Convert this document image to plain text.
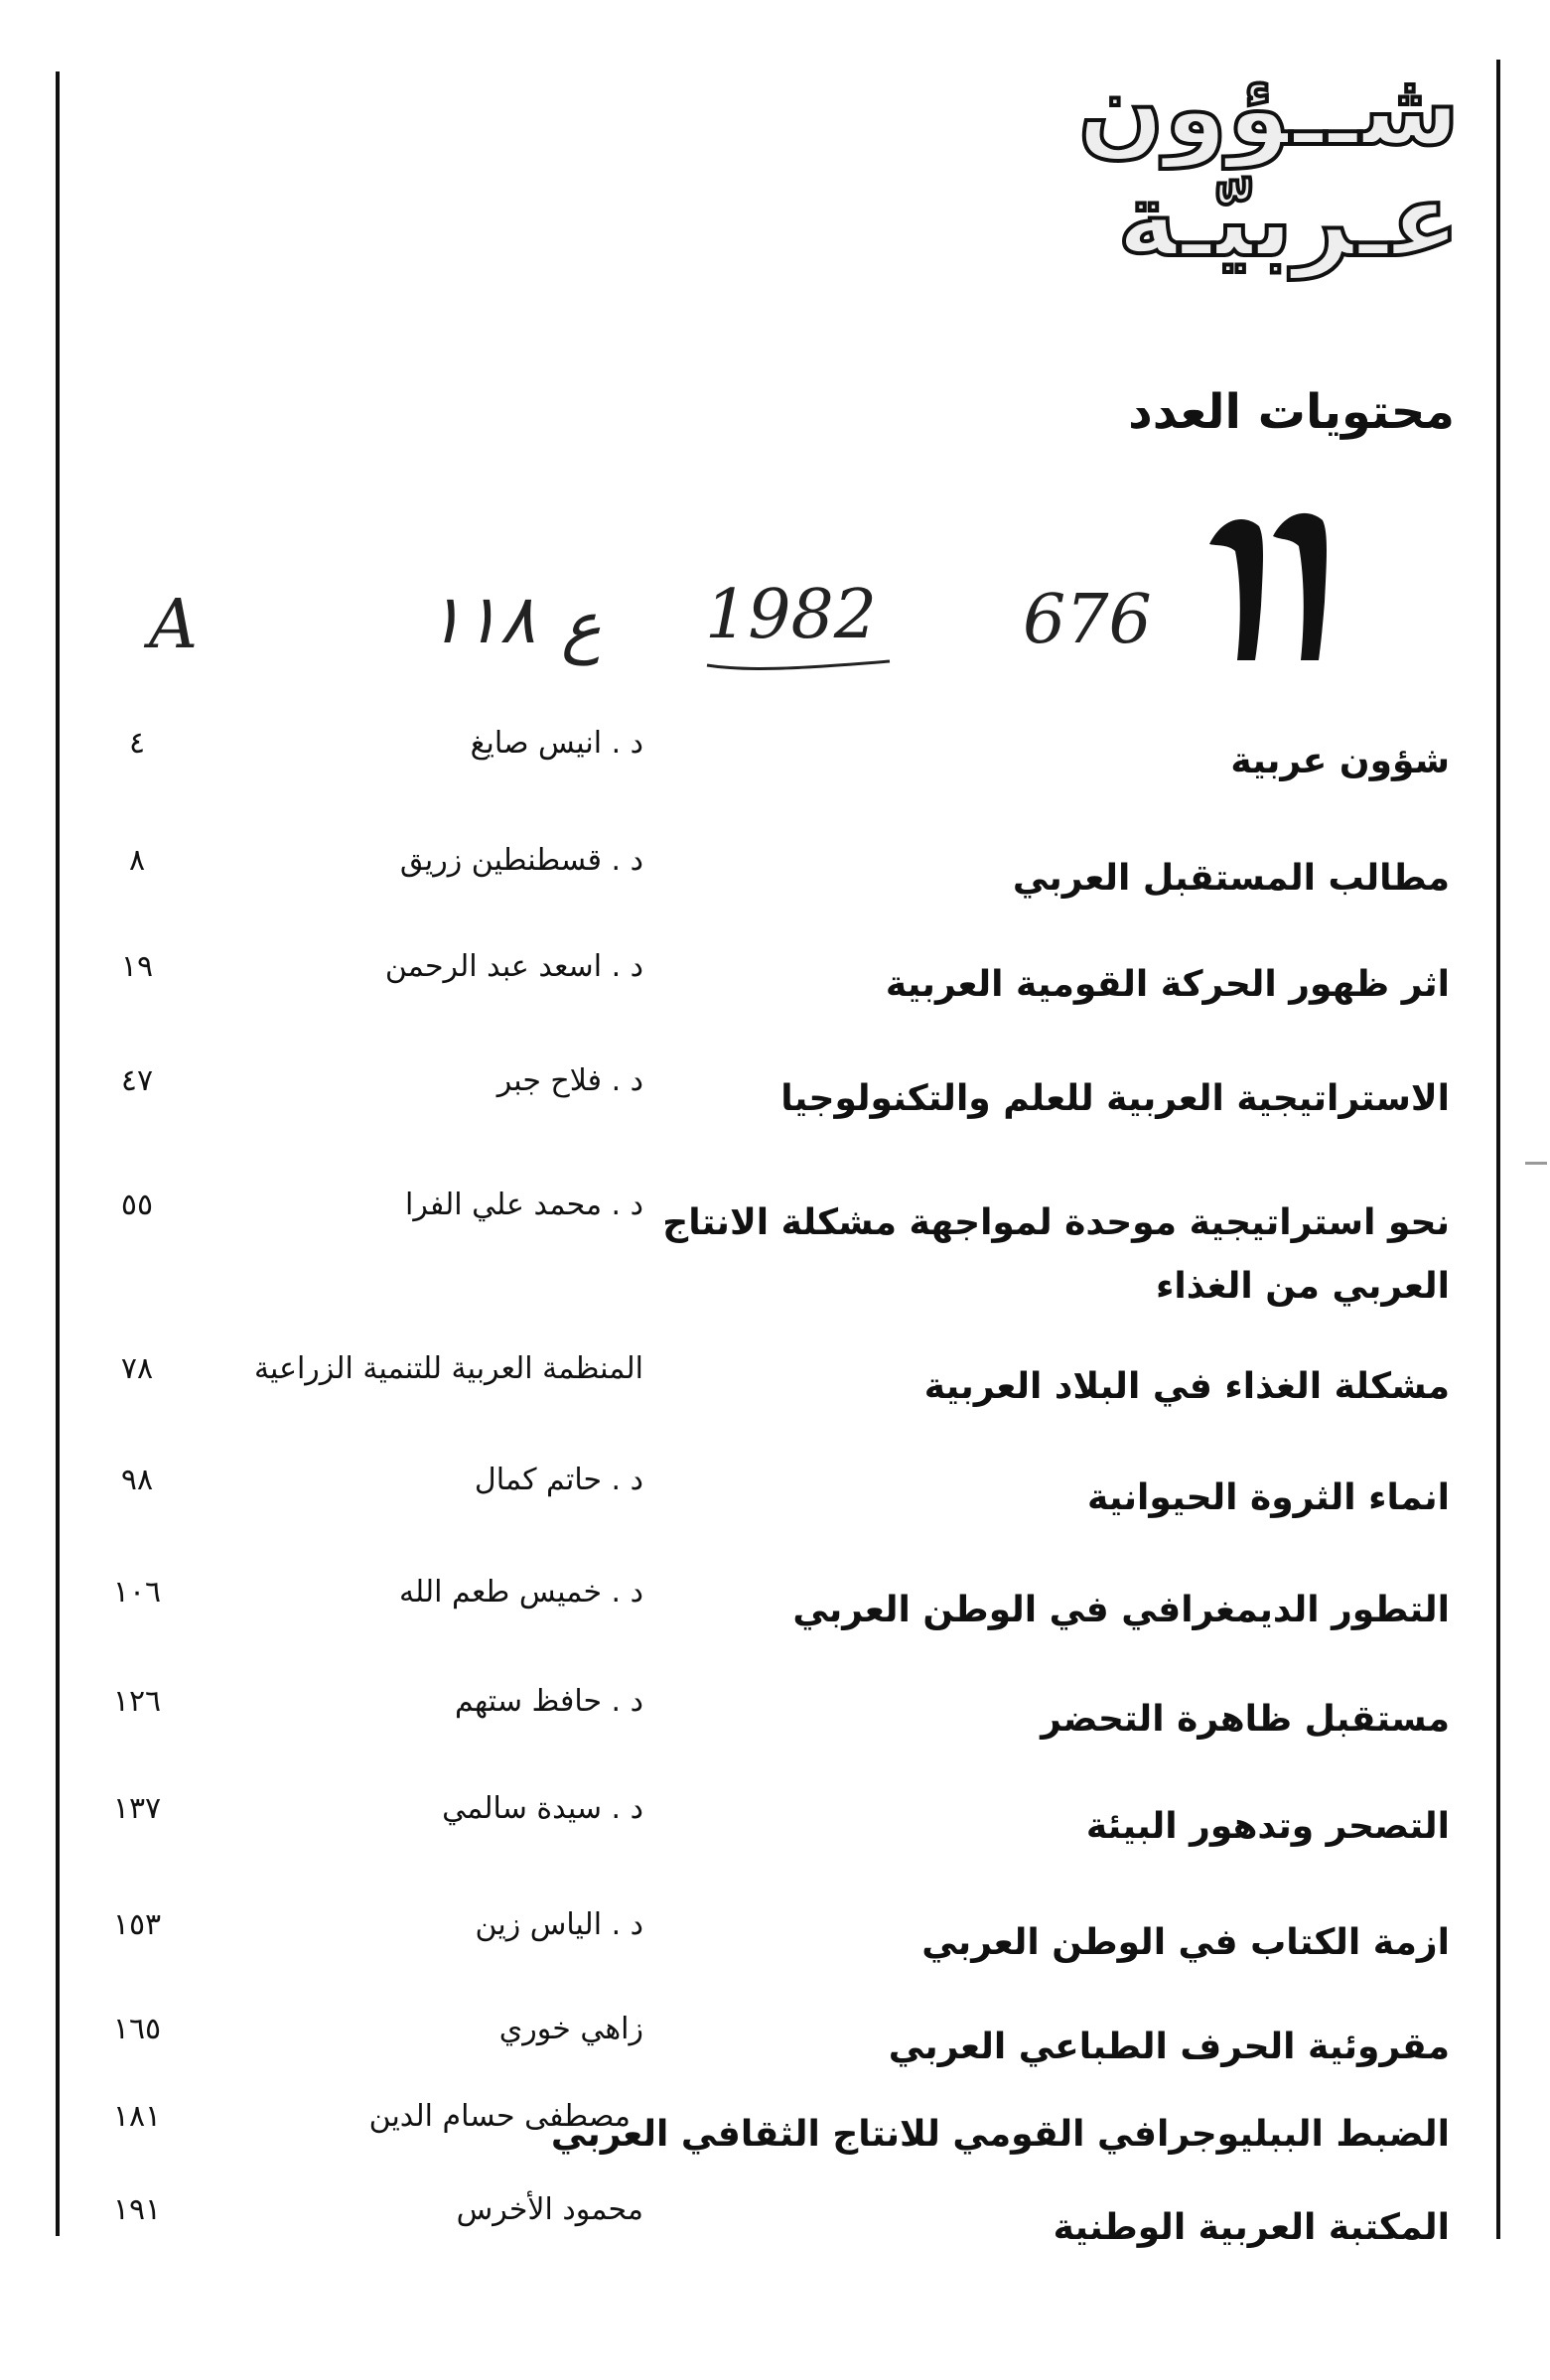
شــؤون
عـربيّـة
محتويات العدد
A	‏١١٨ ع 1982 676
شؤون عربية
د . انيس صايغ
٤
مطالب المستقبل العربي
د . قسطنطين زريق
٨
اثر ظهور الحركة القومية العربية
د . اسعد عبد الرحمن
١٩
الاستراتيجية العربية للعلم والتكنولوجيا
د . فلاح جبر
٤٧
نحو استراتيجية موحدة لمواجهة مشكلة الانتاج العربي من الغذاء
د . محمد علي الفرا
٥٥
مشكلة الغذاء في البلاد العربية
المنظمة العربية للتنمية الزراعية
٧٨
انماء الثروة الحيوانية
د . حاتم كمال
٩٨
التطور الديمغرافي في الوطن العربي
د . خميس طعم الله
١٠٦
مستقبل ظاهرة التحضر
د . حافظ ستهم
١٢٦
التصحر وتدهور البيئة
د . سيدة سالمي
١٣٧
ازمة الكتاب في الوطن العربي
د . الياس زين
١٥٣
مقروئية الحرف الطباعي العربي
زاهي خوري
١٦٥
الضبط الببليوجرافي القومي للانتاج الثقافي العربي
مصطفى حسام الدين
١٨١
المكتبة العربية الوطنية
محمود الأخرس
١٩١
